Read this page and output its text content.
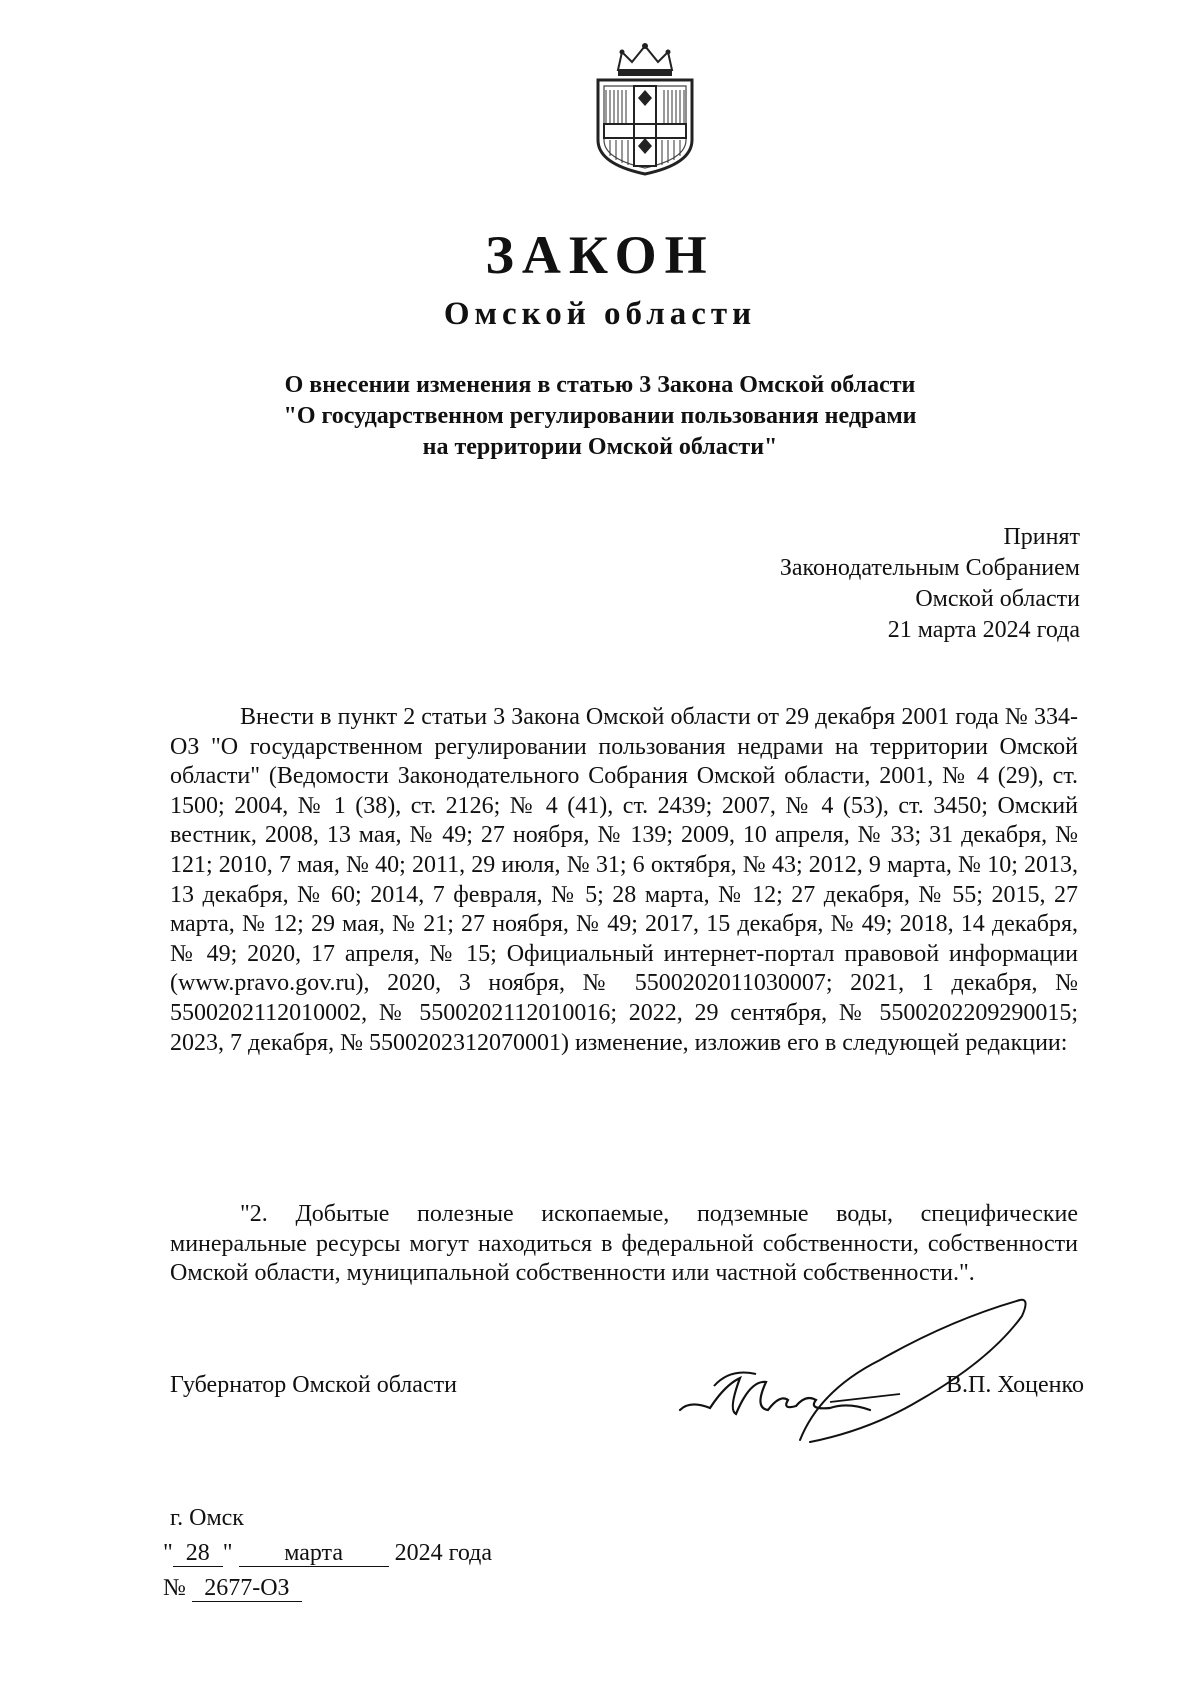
ЗАКОН
Омской области
О внесении изменения в статью 3 Закона Омской области
"О государственном регулировании пользования недрами
на территории Омской области"
Принят
Законодательным Собранием
Омской области
21 марта 2024 года

Внести в пункт 2 статьи 3 Закона Омской области от 29 декабря 2001 года № 334-ОЗ "О государственном регулировании пользования недрами на территории Омской области" (Ведомости Законодательного Собрания Омской области, 2001, № 4 (29), ст. 1500; 2004, № 1 (38), ст. 2126; № 4 (41), ст. 2439; 2007, № 4 (53), ст. 3450; Омский вестник, 2008, 13 мая, № 49; 27 ноября, № 139; 2009, 10 апреля, № 33; 31 декабря, № 121; 2010, 7 мая, № 40; 2011, 29 июля, № 31; 6 октября, № 43; 2012, 9 марта, № 10; 2013, 13 декабря, № 60; 2014, 7 февраля, № 5; 28 марта, № 12; 27 декабря, № 55; 2015, 27 марта, № 12; 29 мая, № 21; 27 ноября, № 49; 2017, 15 декабря, № 49; 2018, 14 декабря, № 49; 2020, 17 апреля, № 15; Официальный интернет-портал правовой информации (www.pravo.gov.ru), 2020, 3 ноября, № 5500202011030007; 2021, 1 декабря, № 5500202112010002, № 5500202112010016; 2022, 29 сентября, № 5500202209290015; 2023, 7 декабря, № 5500202312070001) изменение, изложив его в следующей редакции:

"2. Добытые полезные ископаемые, подземные воды, специфические минеральные ресурсы могут находиться в федеральной собственности, собственности Омской области, муниципальной собственности или частной собственности.".

Губернатор Омской области	В.П. Хоценко
г. Омск
" 28 " марта 2024 года
№ 2677-ОЗ
